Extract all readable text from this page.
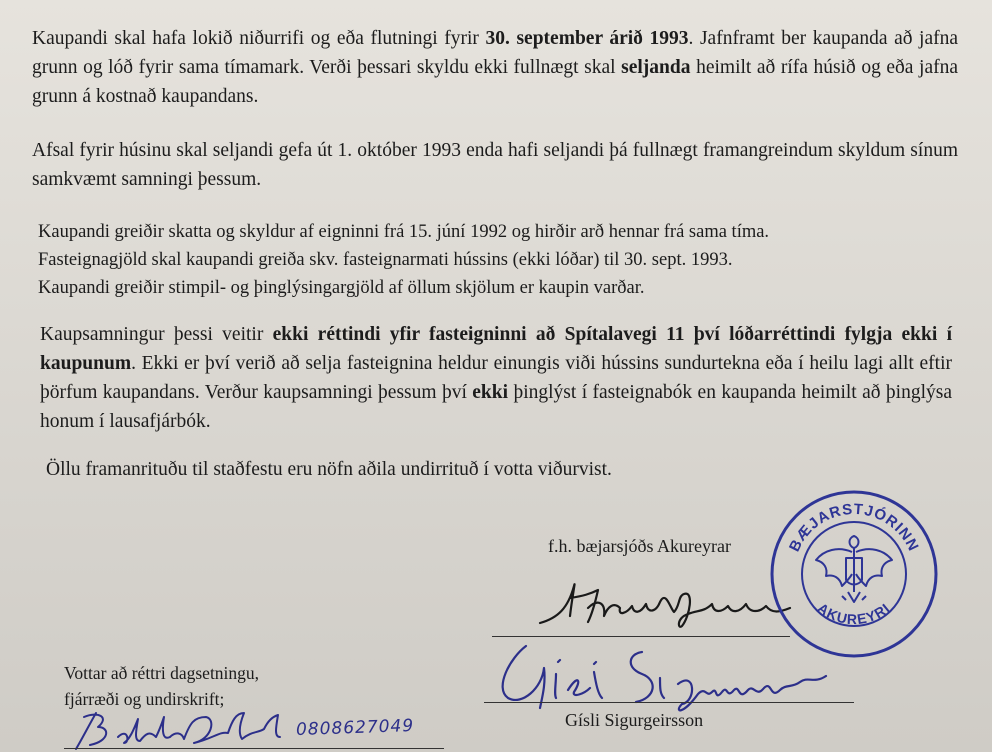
Kaupandi skal hafa lokið niðurrifi og eða flutningi fyrir 30. september árið 1993. Jafnframt ber kaupanda að jafna grunn og lóð fyrir sama tímamark. Verði þessari skyldu ekki fullnægt skal seljanda heimilt að rífa húsið og eða jafna grunn á kostnað kaupandans.

Afsal fyrir húsinu skal seljandi gefa út 1. október 1993 enda hafi seljandi þá fullnægt framangreindum skyldum sínum samkvæmt samningi þessum.

Kaupandi greiðir skatta og skyldur af eigninni frá 15. júní 1992 og hirðir arð hennar frá sama tíma.
Fasteignagjöld skal kaupandi greiða skv. fasteignarmati hússins (ekki lóðar) til 30. sept. 1993.
Kaupandi greiðir stimpil- og þinglýsingargjöld af öllum skjölum er kaupin varðar.

Kaupsamningur þessi veitir ekki réttindi yfir fasteigninni að Spítalavegi 11 því lóðarréttindi fylgja ekki í kaupunum. Ekki er því verið að selja fasteignina heldur einungis viði hússins sundurtekna eða í heilu lagi allt eftir þörfum kaupandans. Verður kaupsamningi þessum því ekki þinglýst í fasteignabók en kaupanda heimilt að þinglýsa honum í lausafjárbók.

Öllu framanrituðu til staðfestu eru nöfn aðila undirrituð í votta viðurvist.

f.h. bæjarsjóðs Akureyrar
Gísli Sigurgeirsson
BÆJARSTJÓRINN
AKUREYRI
Vottar að réttri dagsetningu,
fjárræði og undirskrift;
0808627049
